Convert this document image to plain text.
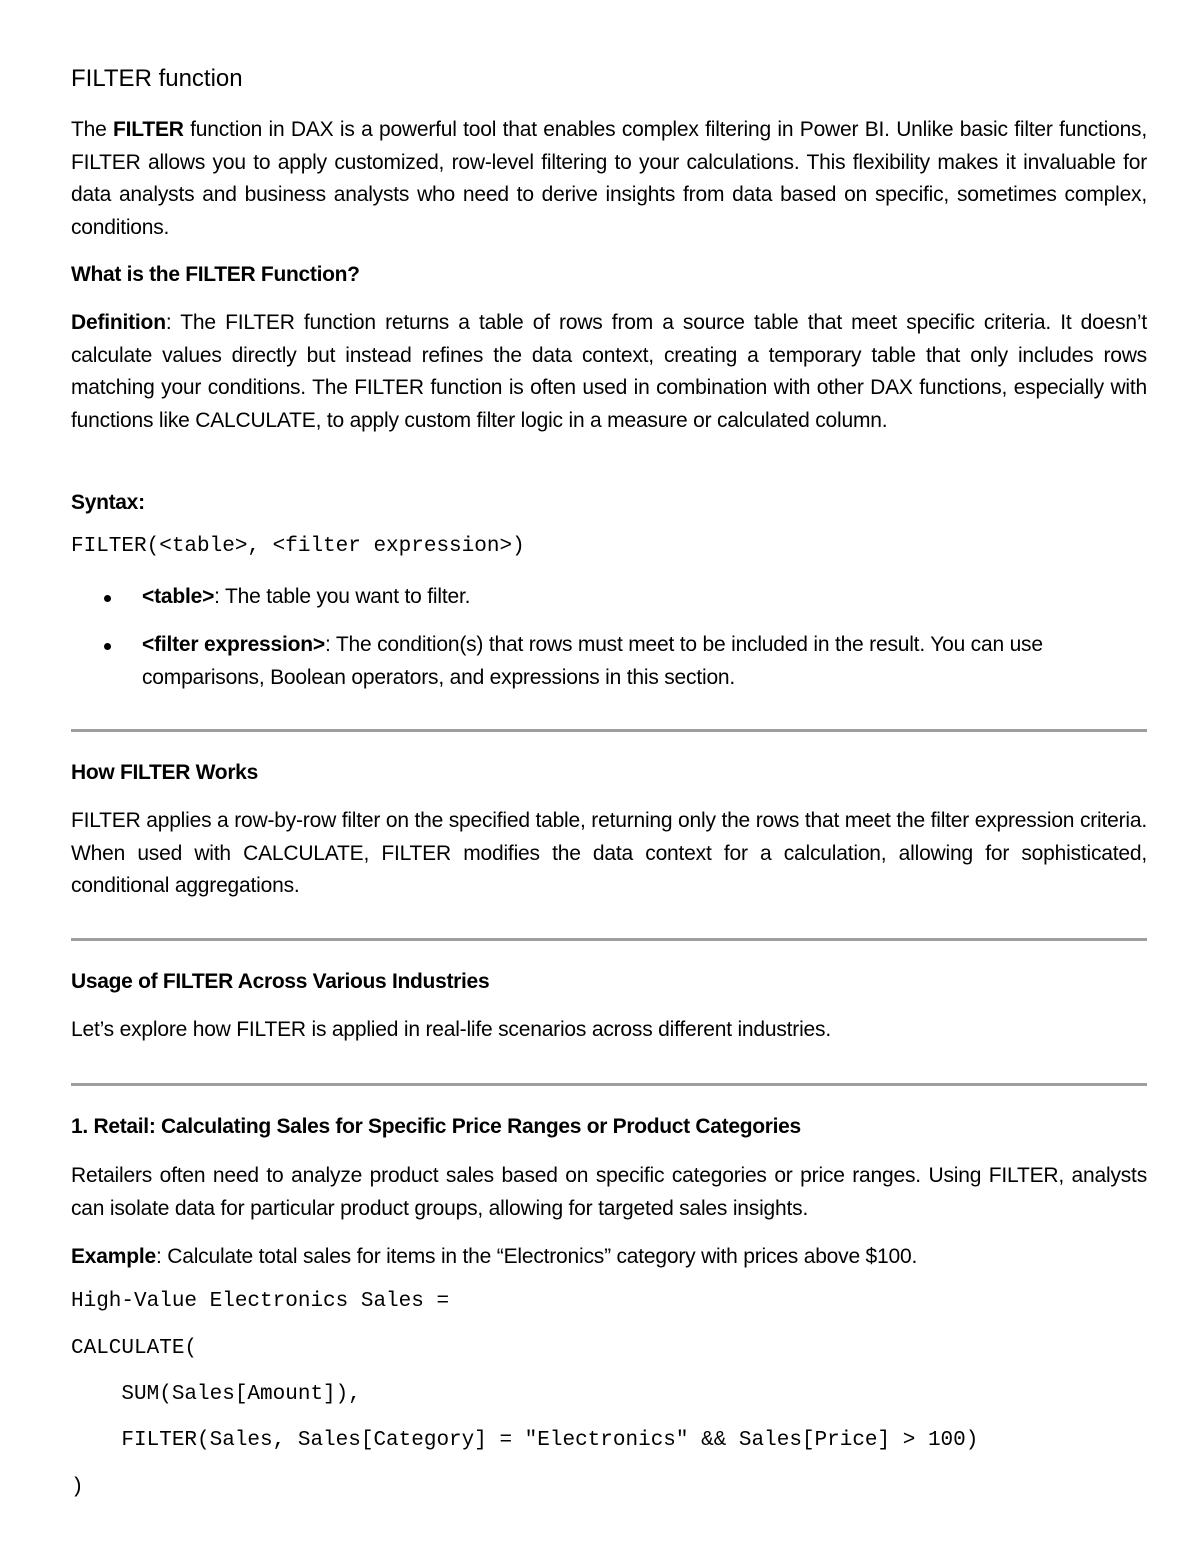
FILTER function
The FILTER function in DAX is a powerful tool that enables complex filtering in Power BI. Unlike basic filter functions, FILTER allows you to apply customized, row-level filtering to your calculations. This flexibility makes it invaluable for data analysts and business analysts who need to derive insights from data based on specific, sometimes complex, conditions.
What is the FILTER Function?
Definition: The FILTER function returns a table of rows from a source table that meet specific criteria. It doesn’t calculate values directly but instead refines the data context, creating a temporary table that only includes rows matching your conditions. The FILTER function is often used in combination with other DAX functions, especially with functions like CALCULATE, to apply custom filter logic in a measure or calculated column.
Syntax:
FILTER(<table>, <filter expression>)
<table>: The table you want to filter.
<filter expression>: The condition(s) that rows must meet to be included in the result. You can use comparisons, Boolean operators, and expressions in this section.
How FILTER Works
FILTER applies a row-by-row filter on the specified table, returning only the rows that meet the filter expression criteria. When used with CALCULATE, FILTER modifies the data context for a calculation, allowing for sophisticated, conditional aggregations.
Usage of FILTER Across Various Industries
Let’s explore how FILTER is applied in real-life scenarios across different industries.
1. Retail: Calculating Sales for Specific Price Ranges or Product Categories
Retailers often need to analyze product sales based on specific categories or price ranges. Using FILTER, analysts can isolate data for particular product groups, allowing for targeted sales insights.
Example: Calculate total sales for items in the “Electronics” category with prices above $100.
High-Value Electronics Sales =
CALCULATE(
SUM(Sales[Amount]),
FILTER(Sales, Sales[Category] = "Electronics" && Sales[Price] > 100)
)
